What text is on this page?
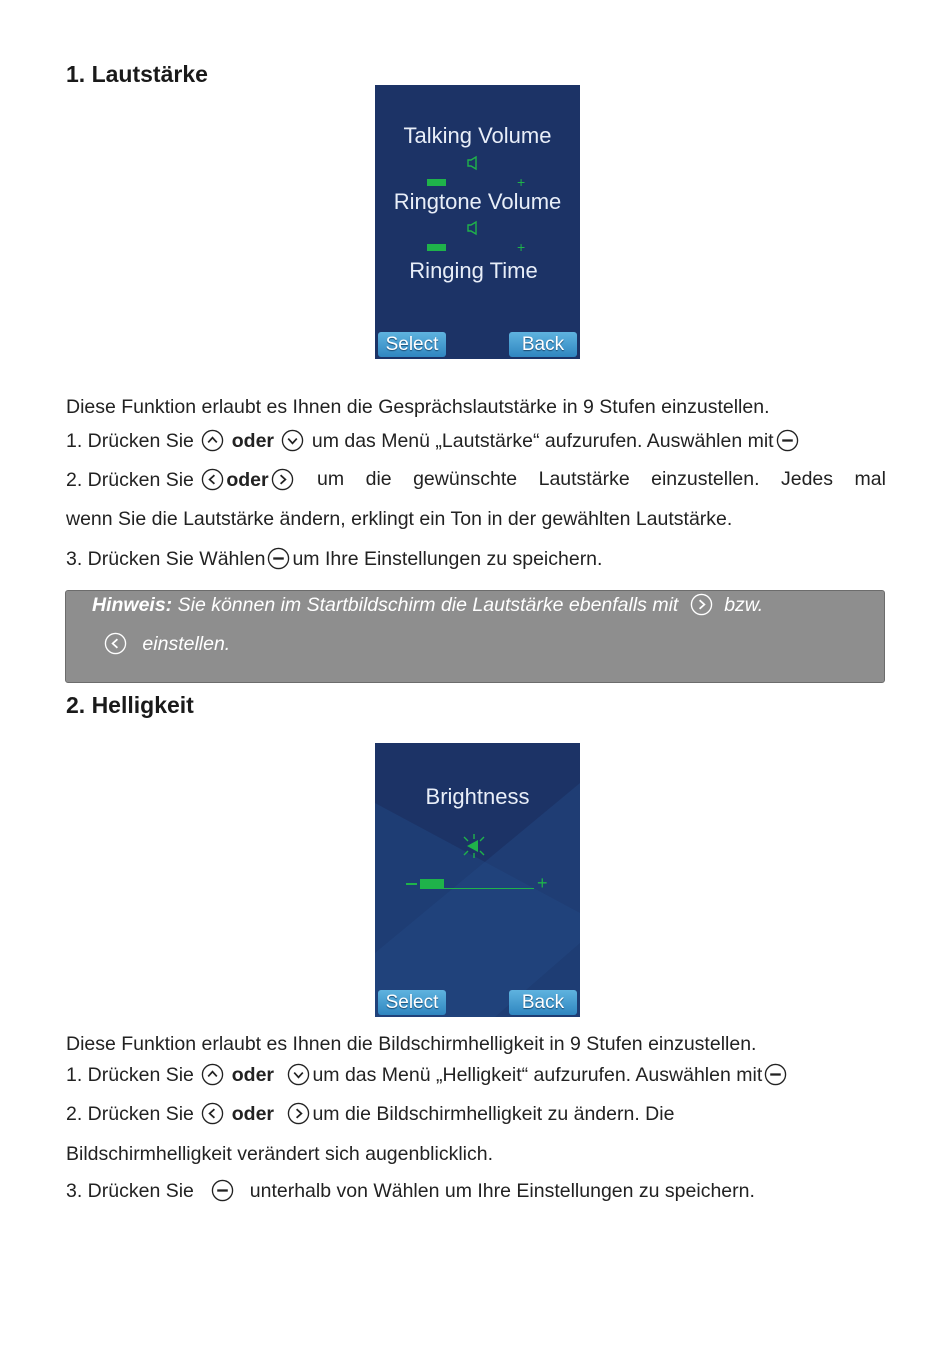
1. Lautstärke
Talking Volume
+
Ringtone Volume
+
Ringing Time
Select	Back
Diese Funktion erlaubt es Ihnen die Gesprächslautstärke in 9 Stufen einzustellen.
1. Drücken Sie oder um das Menü „Lautstärke“ aufzurufen. Auswählen mit
2. Drücken Sie oder	um die gewünschte Lautstärke einzustellen. Jedes mal
wenn Sie die Lautstärke ändern, erklingt ein Ton in der gewählten Lautstärke.
3. Drücken Sie Wählen um Ihre Einstellungen zu speichern.
Hinweis: Sie können im Startbildschirm die Lautstärke ebenfalls mit bzw.
einstellen.
2. Helligkeit
Brightness
+
Select	Back
Diese Funktion erlaubt es Ihnen die Bildschirmhelligkeit in 9 Stufen einzustellen.
1. Drücken Sie oder um das Menü „Helligkeit“ aufzurufen. Auswählen mit
2. Drücken Sie oder um die Bildschirmhelligkeit zu ändern. Die
Bildschirmhelligkeit verändert sich augenblicklich.
3. Drücken Sie	unterhalb von Wählen um Ihre Einstellungen zu speichern.
